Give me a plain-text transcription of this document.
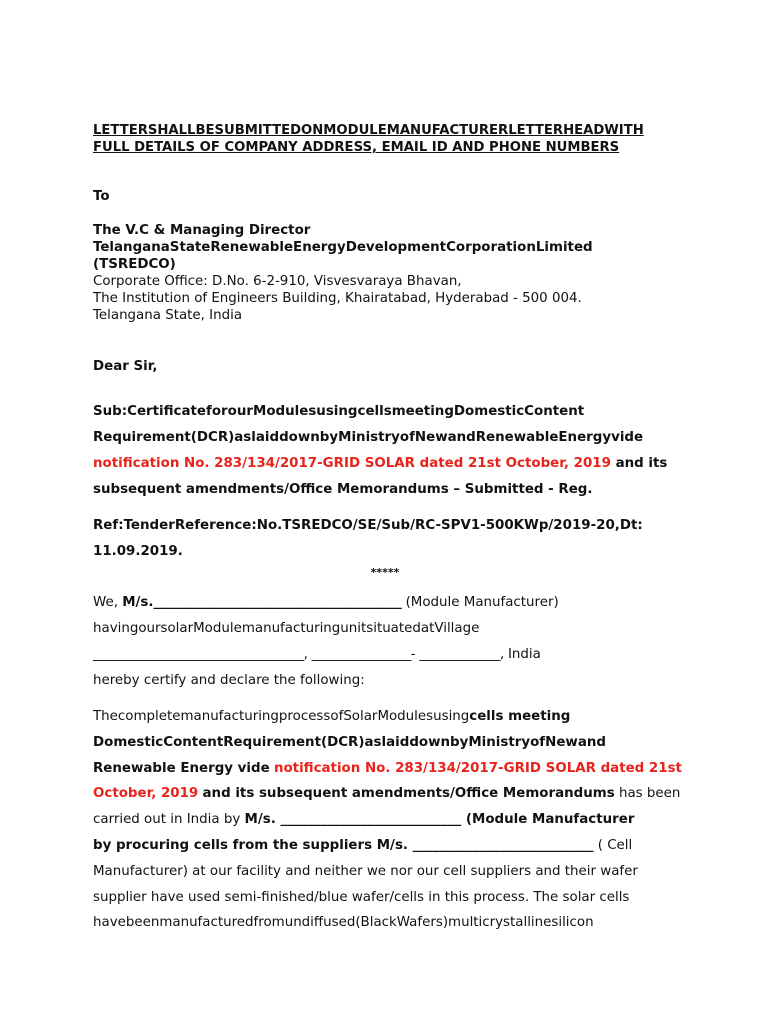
LETTERSHALLBESUBMITTEDONMODULEMANUFACTURERLETTERHEADWITH
FULL DETAILS OF COMPANY ADDRESS, EMAIL ID AND PHONE NUMBERS
To
The V.C & Managing Director
TelanganaStateRenewableEnergyDevelopmentCorporationLimited
(TSREDCO)
Corporate Office: D.No. 6-2-910, Visvesvaraya Bhavan,
The Institution of Engineers Building, Khairatabad, Hyderabad - 500 004.
Telangana State, India
Dear Sir,
Sub:CertificateforourModulesusingcellsmeetingDomesticContent
Requirement(DCR)aslaiddownbyMinistryofNewandRenewableEnergyvide
notification No. 283/134/2017-GRID SOLAR dated 21st October, 2019 and its
subsequent amendments/Office Memorandums – Submitted - Reg.
Ref:TenderReference:No.TSREDCO/SE/Sub/RC-SPV1-500KWp/2019-20,Dt:
11.09.2019.
*****
We, M/s.________________________________________ (Module Manufacturer)
havingoursolarModulemanufacturingunitsituatedatVillage
__________________________________, ________________- _____________, India
hereby certify and declare the following:
ThecompletemanufacturingprocessofSolarModulesusingcells meeting
DomesticContentRequirement(DCR)aslaiddownbyMinistryofNewand
Renewable Energy vide notification No. 283/134/2017-GRID SOLAR dated 21st
October, 2019 and its subsequent amendments/Office Memorandums has been
carried out in India by M/s. ___________________________ (Module Manufacturer
by procuring cells from the suppliers M/s. ___________________________ ( Cell
Manufacturer) at our facility and neither we nor our cell suppliers and their wafer
supplier have used semi-finished/blue wafer/cells in this process. The solar cells
havebeenmanufacturedfromundiffused(BlackWafers)multicrystallinesilicon
